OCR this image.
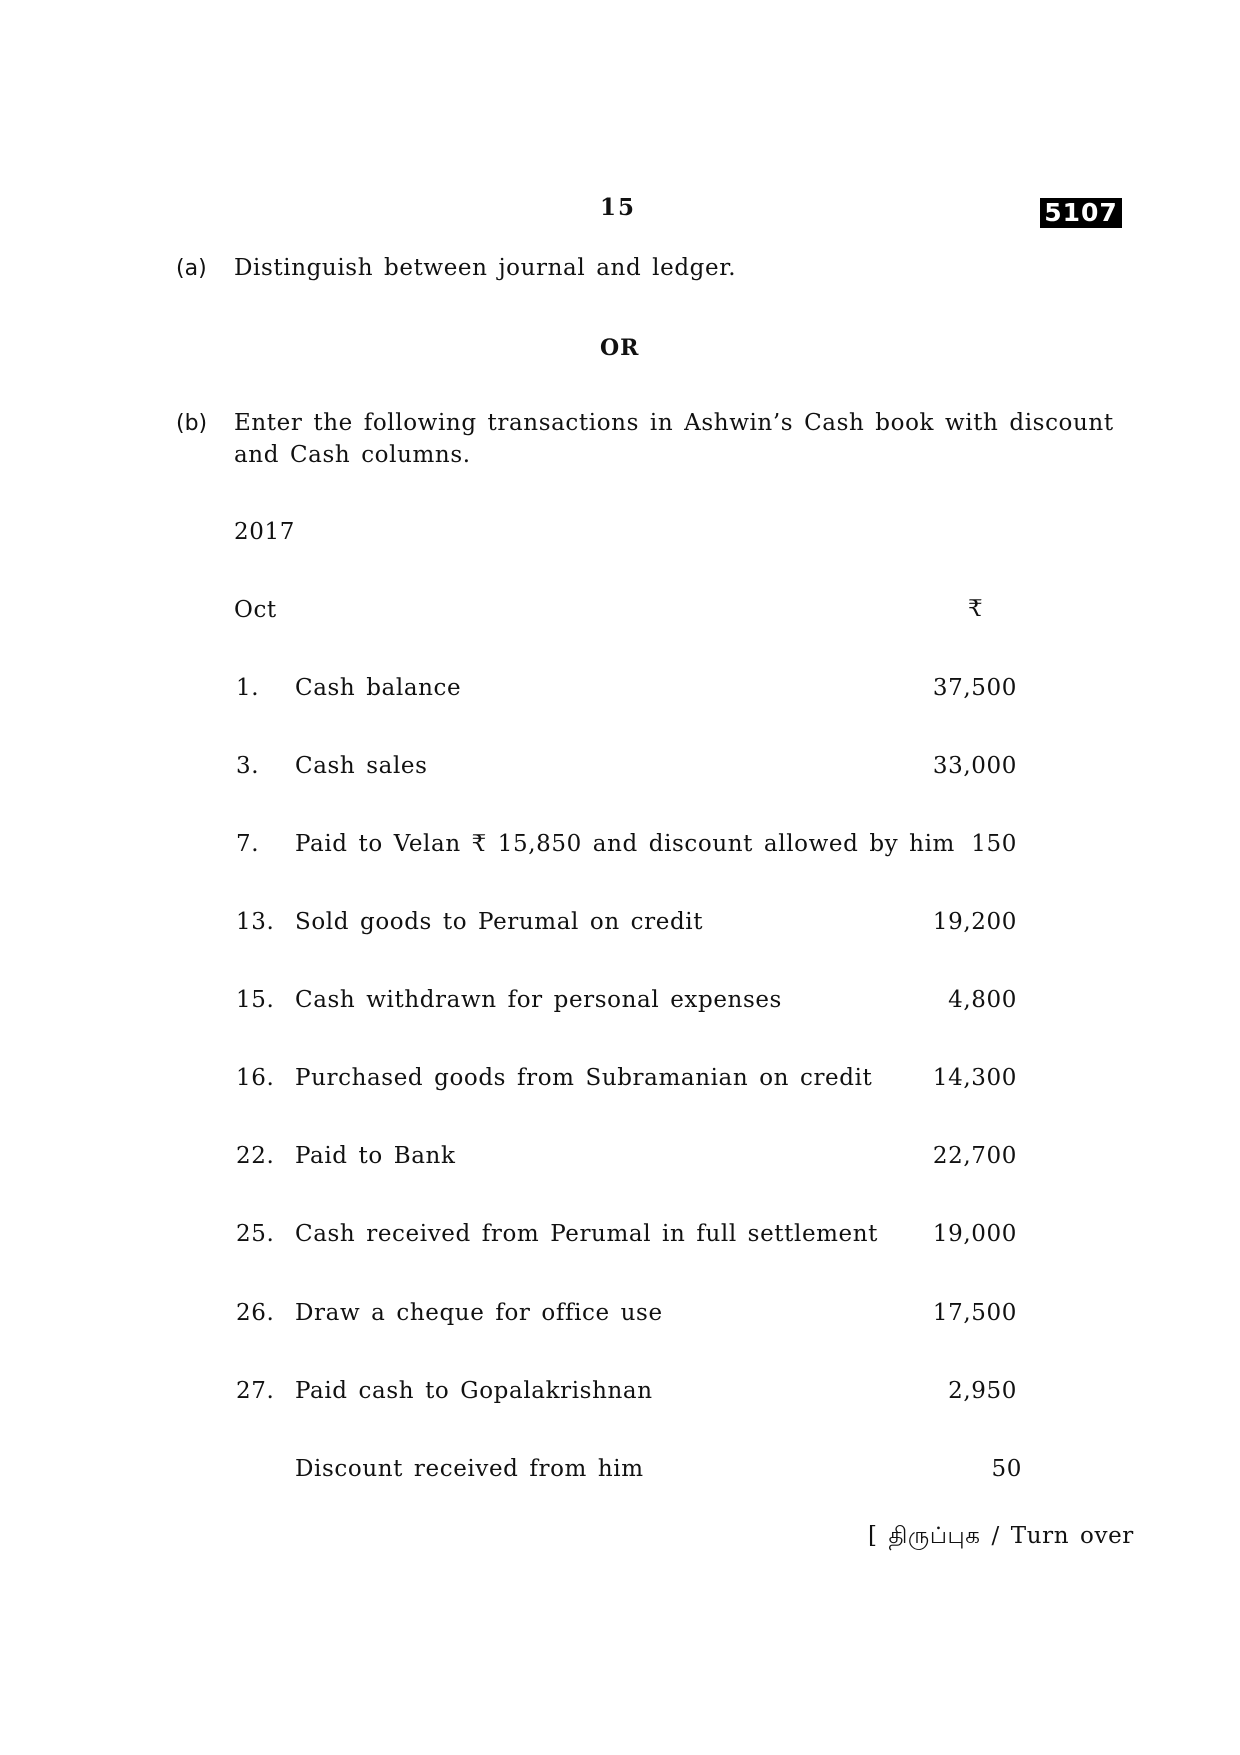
15	5107
(a) Distinguish between journal and ledger.
OR
(b) Enter the following transactions in Ashwin’s Cash book with discount
and Cash columns.
2017
Oct	₹
1. Cash balance	37,500
3. Cash sales	33,000
7. Paid to Velan ₹ 15,850 and discount allowed by him 150
13. Sold goods to Perumal on credit	19,200
15. Cash withdrawn for personal expenses	4,800
16. Purchased goods from Subramanian on credit	14,300
22. Paid to Bank	22,700
25. Cash received from Perumal in full settlement	19,000
26. Draw a cheque for office use	17,500
27. Paid cash to Gopalakrishnan	2,950
Discount received from him	50
[ திருப்புக / Turn over
